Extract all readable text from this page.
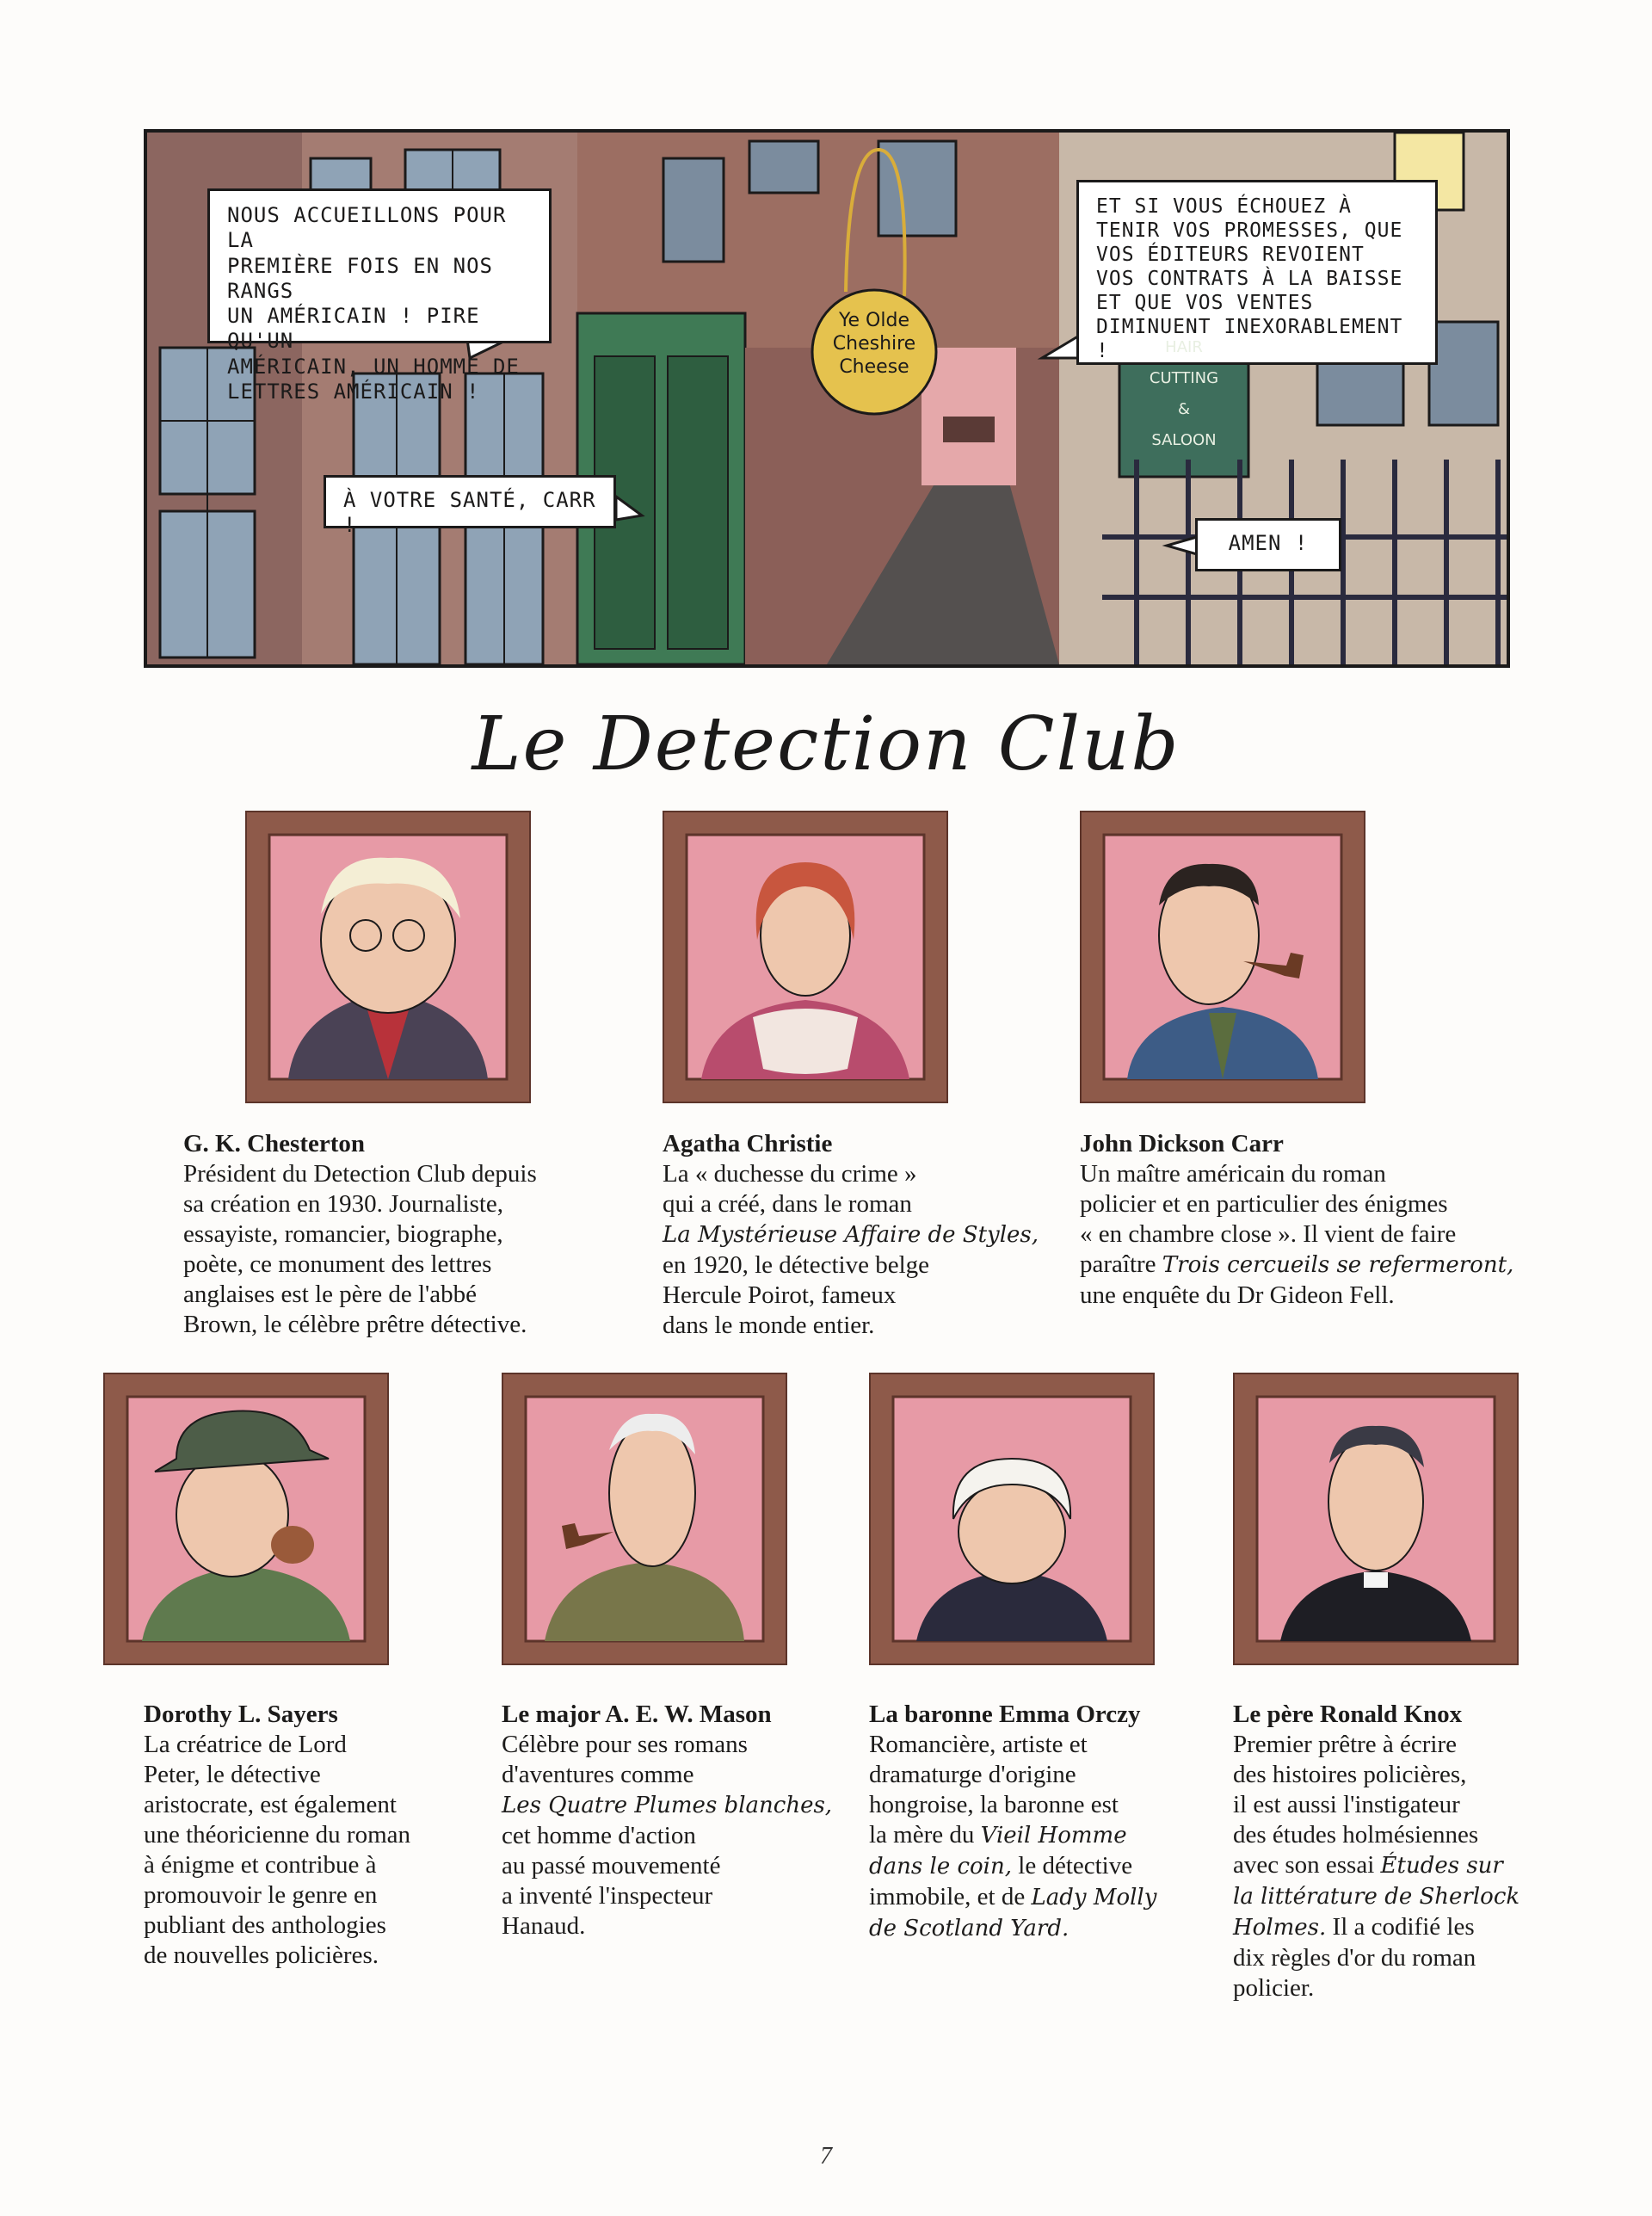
NOUS ACCUEILLONS POUR LA
PREMIÈRE FOIS EN NOS RANGS
UN AMÉRICAIN ! PIRE QU'UN
AMÉRICAIN, UN HOMME DE
LETTRES AMÉRICAIN !
ET SI VOUS ÉCHOUEZ À
TENIR VOS PROMESSES, QUE
VOS ÉDITEURS REVOIENT
VOS CONTRATS À LA BAISSE
ET QUE VOS VENTES
DIMINUENT INEXORABLEMENT !
À VOTRE SANTÉ, CARR !
AMEN !
Ye Olde
Cheshire
Cheese
HAIR
CUTTING
&
SALOON
Le Detection Club
G. K. Chesterton
Président du Detection Club depuis
sa création en 1930. Journaliste,
essayiste, romancier, biographe,
poète, ce monument des lettres
anglaises est le père de l'abbé
Brown, le célèbre prêtre détective.
Agatha Christie
La « duchesse du crime »
qui a créé, dans le roman
La Mystérieuse Affaire de Styles,
en 1920, le détective belge
Hercule Poirot, fameux
dans le monde entier.
John Dickson Carr
Un maître américain du roman
policier et en particulier des énigmes
« en chambre close ». Il vient de faire
paraître Trois cercueils se refermeront,
une enquête du Dr Gideon Fell.
Dorothy L. Sayers
La créatrice de Lord
Peter, le détective
aristocrate, est également
une théoricienne du roman
à énigme et contribue à
promouvoir le genre en
publiant des anthologies
de nouvelles policières.
Le major A. E. W. Mason
Célèbre pour ses romans
d'aventures comme
Les Quatre Plumes blanches,
cet homme d'action
au passé mouvementé
a inventé l'inspecteur
Hanaud.
La baronne Emma Orczy
Romancière, artiste et
dramaturge d'origine
hongroise, la baronne est
la mère du Vieil Homme
dans le coin, le détective
immobile, et de Lady Molly
de Scotland Yard.
Le père Ronald Knox
Premier prêtre à écrire
des histoires policières,
il est aussi l'instigateur
des études holmésiennes
avec son essai Études sur
la littérature de Sherlock
Holmes. Il a codifié les
dix règles d'or du roman
policier.
7
